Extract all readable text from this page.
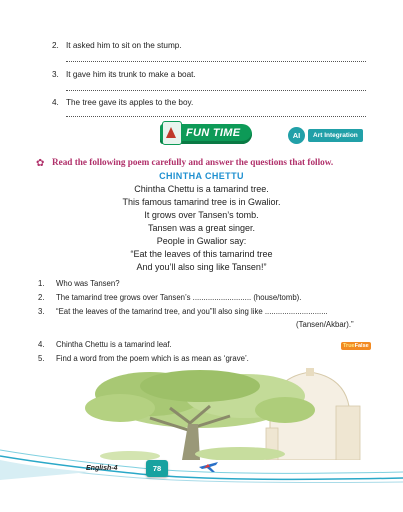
2. It asked him to sit on the stump.
3. It gave him its trunk to make a boat.
4. The tree gave its apples to the boy.
FUN TIME	AI	Art Integration
✿ Read the following poem carefully and answer the questions that follow.
CHINTHA CHETTU
Chintha Chettu is a tamarind tree.
This famous tamarind tree is in Gwalior.
It grows over Tansen’s tomb.
Tansen was a great singer.
People in Gwalior say:
“Eat the leaves of this tamarind tree
And you’ll also sing like Tansen!”
1. Who was Tansen?
2. The tamarind tree grows over Tansen’s ........................... (house/tomb).
3. “Eat the leaves of the tamarind tree, and you”ll also sing like .............................
(Tansen/Akbar).”
4. Chintha Chettu is a tamarind leaf.	TrueFalse
5. Find a word from the poem which is as mean as ‘grave’.
English-4	78
